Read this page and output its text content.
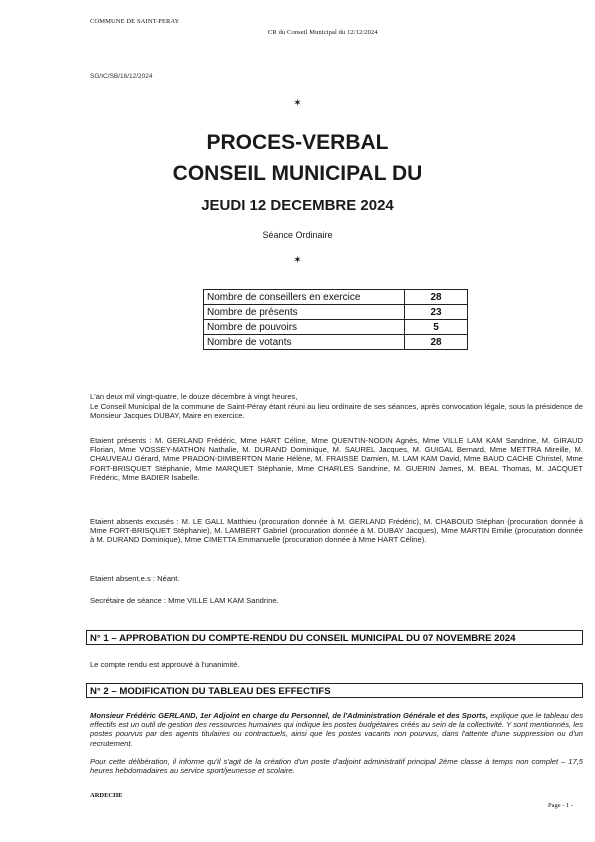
COMMUNE DE SAINT-PERAY
CR du Conseil Municipal du 12/12/2024
SG/IC/SB/16/12/2024
✶
PROCES-VERBAL
CONSEIL MUNICIPAL DU
JEUDI 12 DECEMBRE 2024
Séance Ordinaire
✶
Nombre de conseillers en exercice	28
Nombre de présents	23
Nombre de pouvoirs	5
Nombre de votants	28
L'an deux mil vingt-quatre, le douze décembre à vingt heures,
Le Conseil Municipal de la commune de Saint-Péray étant réuni au lieu ordinaire de ses séances, après convocation légale, sous la présidence de Monsieur Jacques DUBAY, Maire en exercice.
Etaient présents : M. GERLAND Frédéric, Mme HART Céline, Mme QUENTIN-NODIN Agnès, Mme VILLE LAM KAM Sandrine, M. GIRAUD Florian, Mme VOSSEY-MATHON Nathalie, M. DURAND Dominique, M. SAUREL Jacques, M. GUIGAL Bernard, Mme METTRA Mireille, M. CHAUVEAU Gérard, Mme PRADON-DIMBERTON Marie Hélène, M. FRAISSE Damien, M. LAM KAM David, Mme BAUD CACHE Christel, Mme FORT-BRISQUET Stéphanie, Mme MARQUET Stéphanie, Mme CHARLES Sandrine, M. GUERIN James, M. BEAL Thomas, M. JACQUET Frédéric, Mme BADIER Isabelle.
Etaient absents excusés : M. LE GALL Matthieu (procuration donnée à M. GERLAND Frédéric), M. CHABOUD Stéphan (procuration donnée à Mme FORT-BRISQUET Stéphanie), M. LAMBERT Gabriel (procuration donnée à M. DUBAY Jacques), Mme MARTIN Emilie (procuration donnée à M. DURAND Dominique), Mme CIMETTA Emmanuelle (procuration donnée à Mme HART Céline).
Etaient absent.e.s : Néant.
Secrétaire de séance : Mme VILLE LAM KAM Sandrine.
N° 1 – APPROBATION DU COMPTE-RENDU DU CONSEIL MUNICIPAL DU 07 NOVEMBRE 2024
Le compte rendu est approuvé à l'unanimité.
N° 2 – MODIFICATION DU TABLEAU DES EFFECTIFS
Monsieur Frédéric GERLAND, 1er Adjoint en charge du Personnel, de l'Administration Générale et des Sports, explique que le tableau des effectifs est un outil de gestion des ressources humaines qui indique les postes budgétaires créés au sein de la collectivité. Y sont mentionnés, les postes pourvus par des agents titulaires ou contractuels, ainsi que les postes vacants non pourvus, dans l'attente d'une suppression ou d'un recrutement.
Pour cette délibération, il informe qu'il s'agit de la création d'un poste d'adjoint administratif principal 2ème classe à temps non complet – 17,5 heures hebdomadaires au service sport/jeunesse et scolaire.
ARDECHE
Page - 1 -
